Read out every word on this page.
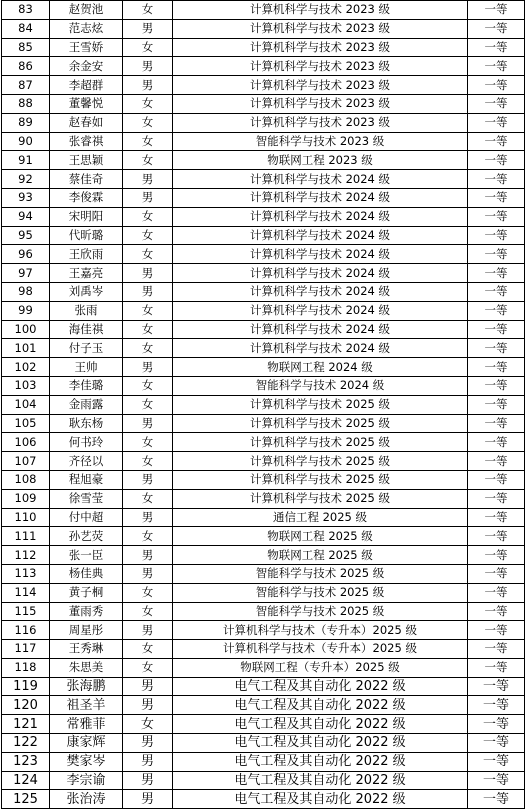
83	赵贺池	女	计算机科学与技术 2023 级	一等
84	范志炫	男	计算机科学与技术 2023 级	一等
85	王雪娇	女	计算机科学与技术 2023 级	一等
86	余金安	男	计算机科学与技术 2023 级	一等
87	李超群	男	计算机科学与技术 2023 级	一等
88	董馨悦	女	计算机科学与技术 2023 级	一等
89	赵春如	女	计算机科学与技术 2023 级	一等
90	张睿祺	女	智能科学与技术 2023 级	一等
91	王思颖	女	物联网工程 2023 级	一等
92	蔡佳奇	男	计算机科学与技术 2024 级	一等
93	李俊霖	男	计算机科学与技术 2024 级	一等
94	宋明阳	女	计算机科学与技术 2024 级	一等
95	代昕璐	女	计算机科学与技术 2024 级	一等
96	王欣雨	女	计算机科学与技术 2024 级	一等
97	王嘉亮	男	计算机科学与技术 2024 级	一等
98	刘禹岑	男	计算机科学与技术 2024 级	一等
99	张雨	女	计算机科学与技术 2024 级	一等
100	海佳祺	女	计算机科学与技术 2024 级	一等
101	付子玉	女	计算机科学与技术 2024 级	一等
102	王帅	男	物联网工程 2024 级	一等
103	李佳璐	女	智能科学与技术 2024 级	一等
104	金雨露	女	计算机科学与技术 2025 级	一等
105	耿东杨	男	计算机科学与技术 2025 级	一等
106	何书玲	女	计算机科学与技术 2025 级	一等
107	齐径以	女	计算机科学与技术 2025 级	一等
108	程旭豪	男	计算机科学与技术 2025 级	一等
109	徐雪莹	女	计算机科学与技术 2025 级	一等
110	付中超	男	通信工程 2025 级	一等
111	孙艺荧	女	物联网工程 2025 级	一等
112	张一臣	男	物联网工程 2025 级	一等
113	杨佳典	男	智能科学与技术 2025 级	一等
114	黄子桐	女	智能科学与技术 2025 级	一等
115	董雨秀	女	智能科学与技术 2025 级	一等
116	周星彤	男	计算机科学与技术（专升本）2025 级	一等
117	王秀琳	女	计算机科学与技术（专升本）2025 级	一等
118	朱思美	女	物联网工程（专升本）2025 级	一等
119	张海鹏	男	电气工程及其自动化 2022 级	一等
120	祖圣羊	男	电气工程及其自动化 2022 级	一等
121	常雅菲	女	电气工程及其自动化 2022 级	一等
122	康家辉	男	电气工程及其自动化 2022 级	一等
123	樊家岑	男	电气工程及其自动化 2022 级	一等
124	李宗谕	男	电气工程及其自动化 2022 级	一等
125	张治涛	男	电气工程及其自动化 2022 级	一等
